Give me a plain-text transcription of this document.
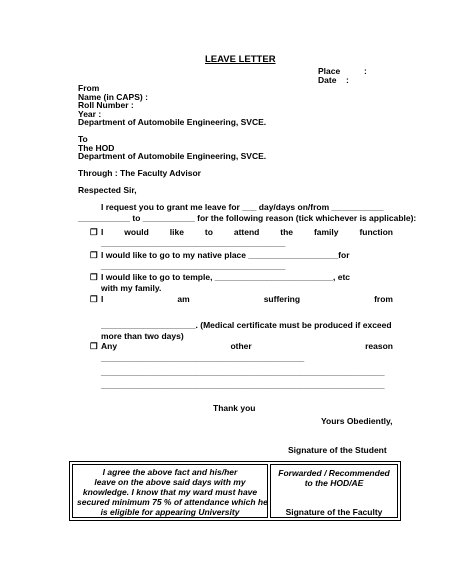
LEAVE LETTER
Place	:
Date :
From
Name (in CAPS) :
Roll Number :
Year :
Department of Automobile Engineering, SVCE.
To
The HOD
Department of Automobile Engineering, SVCE.
Through : The Faculty Advisor
Respected Sir,
I request you to grant me leave for ___ day/days on/from ___________
___________ to ___________ for the following reason (tick whichever is applicable):
❒ I would like to attend the family function
_______________________________________
❒ I would like to go to my native place ___________________for
_______________________________________
❒ I would like to go to temple, _________________________, etc
with my family.
❒ I	am	suffering	from
____________________. (Medical certificate must be produced if exceed
more than two days)
❒ Any	other	reason
___________________________________________
____________________________________________________________
____________________________________________________________
Thank you
Yours Obediently,
Signature of the Student
I agree the above fact and his/her
leave on the above said days with my
knowledge. I know that my ward must have
secured minimum 75 % of attendance which he
is eligible for appearing University
Forwarded / Recommended
to the HOD/AE
Signature of the Faculty
